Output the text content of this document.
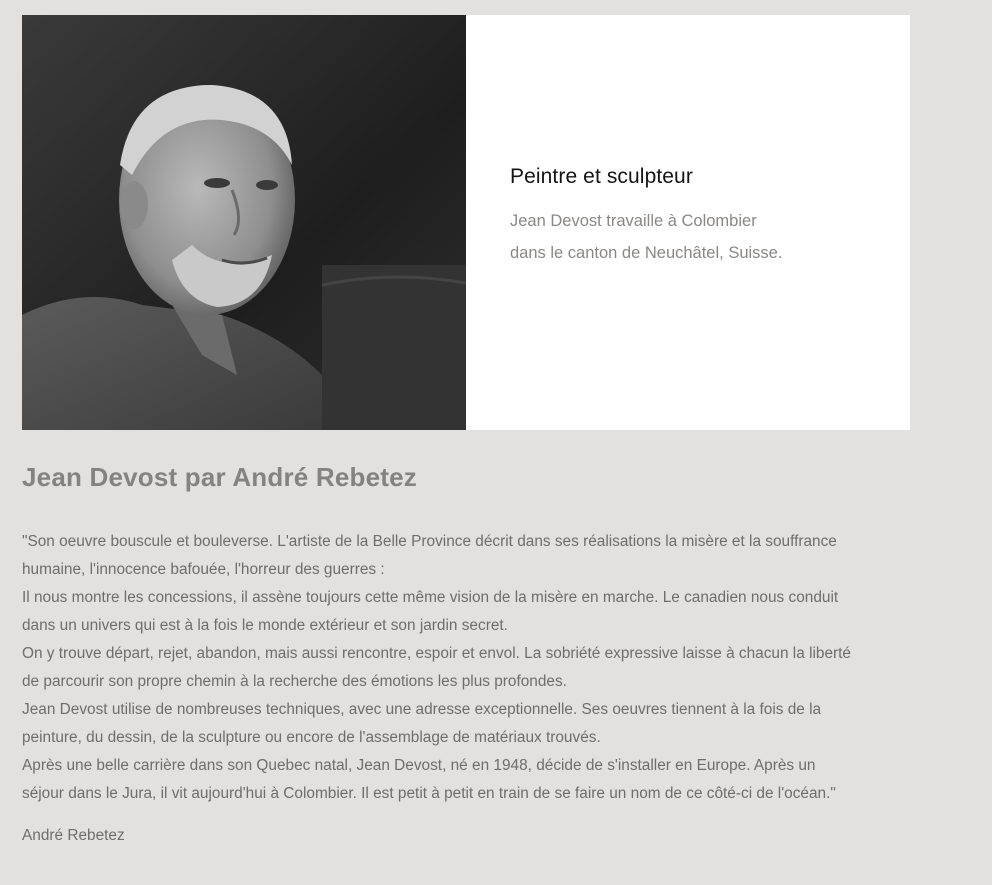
Peintre et sculpteur
Jean Devost travaille à Colombier
dans le canton de Neuchâtel, Suisse.
Jean Devost par André Rebetez

"Son oeuvre bouscule et bouleverse. L'artiste de la Belle Province décrit dans ses réalisations la misère et la souffrance

humaine, l'innocence bafouée, l'horreur des guerres :

Il nous montre les concessions, il assène toujours cette même vision de la misère en marche. Le canadien nous conduit

dans un univers qui est à la fois le monde extérieur et son jardin secret.

On y trouve départ, rejet, abandon, mais aussi rencontre, espoir et envol. La sobriété expressive laisse à chacun la liberté

de parcourir son propre chemin à la recherche des émotions les plus profondes.

Jean Devost utilise de nombreuses techniques, avec une adresse exceptionnelle. Ses oeuvres tiennent à la fois de la

peinture, du dessin, de la sculpture ou encore de l'assemblage de matériaux trouvés.

Après une belle carrière dans son Quebec natal, Jean Devost, né en 1948, décide de s'installer en Europe. Après un

séjour dans le Jura, il vit aujourd'hui à Colombier. Il est petit à petit en train de se faire un nom de ce côté-ci de l'océan."

André Rebetez
